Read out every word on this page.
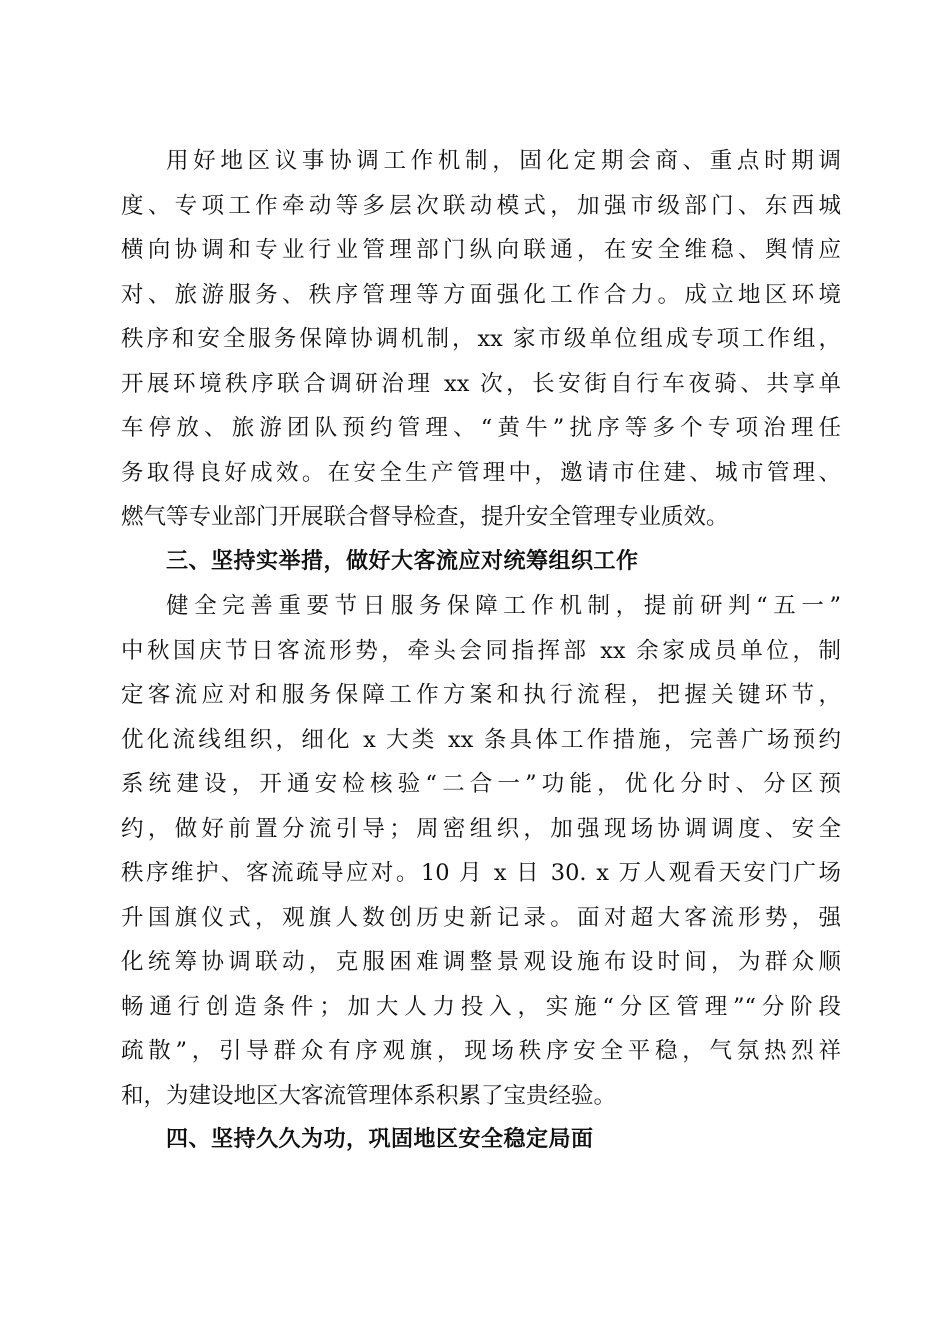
用好地区议事协调工作机制，固化定期会商、重点时期调
度、专项工作牵动等多层次联动模式，加强市级部门、东西城
横向协调和专业行业管理部门纵向联通，在安全维稳、舆情应
对、旅游服务、秩序管理等方面强化工作合力。成立地区环境
秩序和安全服务保障协调机制，xx 家市级单位组成专项工作组，
开展环境秩序联合调研治理 xx 次，长安街自行车夜骑、共享单
车停放、旅游团队预约管理、“黄牛”扰序等多个专项治理任
务取得良好成效。在安全生产管理中，邀请市住建、城市管理、
燃气等专业部门开展联合督导检查，提升安全管理专业质效。
三、坚持实举措，做好大客流应对统筹组织工作
健全完善重要节日服务保障工作机制，提前研判“五一”
中秋国庆节日客流形势，牵头会同指挥部 xx 余家成员单位，制
定客流应对和服务保障工作方案和执行流程，把握关键环节，
优化流线组织，细化 x 大类 xx 条具体工作措施，完善广场预约
系统建设，开通安检核验“二合一”功能，优化分时、分区预
约，做好前置分流引导；周密组织，加强现场协调调度、安全
秩序维护、客流疏导应对。10 月 x 日 30. x 万人观看天安门广场
升国旗仪式，观旗人数创历史新记录。面对超大客流形势，强
化统筹协调联动，克服困难调整景观设施布设时间，为群众顺
畅通行创造条件；加大人力投入，实施“分区管理”“分阶段
疏散”，引导群众有序观旗，现场秩序安全平稳，气氛热烈祥
和，为建设地区大客流管理体系积累了宝贵经验。
四、坚持久久为功，巩固地区安全稳定局面
